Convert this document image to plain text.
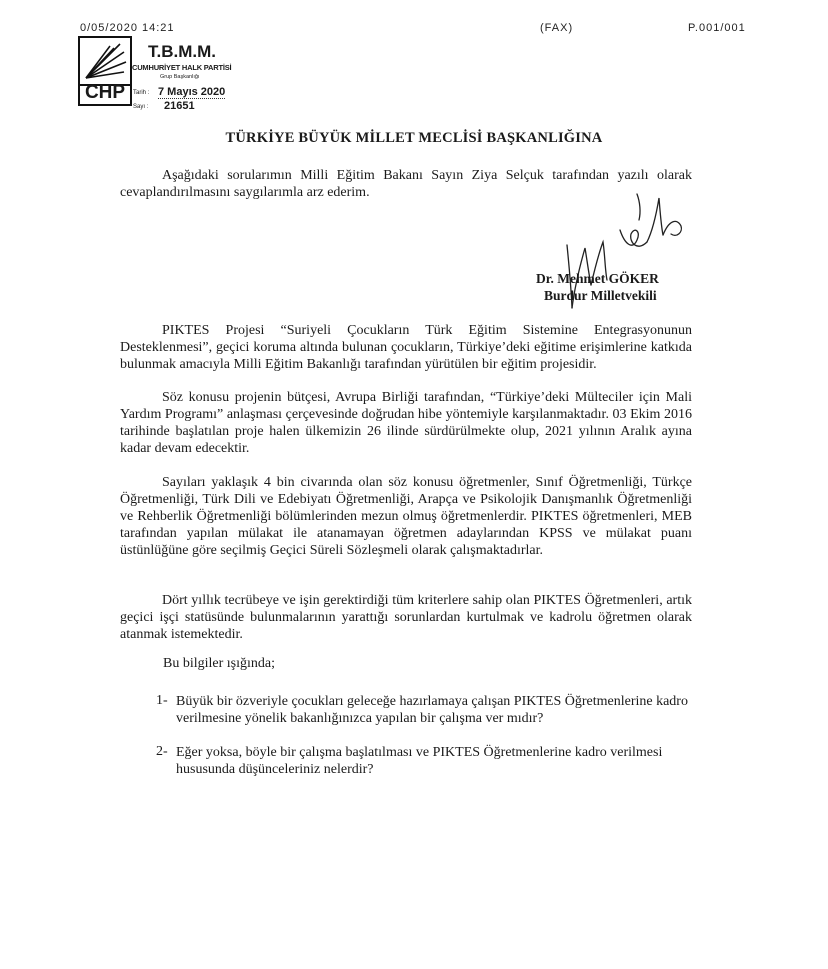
0/05/2020 14:21	(FAX)	P.001/001
CHP
T.B.M.M.
CUMHURİYET HALK PARTİSİ
Grup Başkanlığı
Tarih : 7 Mayıs 2020
Sayı : 21651
TÜRKİYE BÜYÜK MİLLET MECLİSİ BAŞKANLIĞINA
Aşağıdaki sorularımın Milli Eğitim Bakanı Sayın Ziya Selçuk tarafından yazılı olarak cevaplandırılmasını saygılarımla arz ederim.
Dr. Mehmet GÖKER
Burdur Milletvekili
PIKTES Projesi “Suriyeli Çocukların Türk Eğitim Sistemine Entegrasyonunun Desteklenmesi”, geçici koruma altında bulunan çocukların, Türkiye’deki eğitime erişimlerine katkıda bulunmak amacıyla Milli Eğitim Bakanlığı tarafından yürütülen bir eğitim projesidir.
Söz konusu projenin bütçesi, Avrupa Birliği tarafından, “Türkiye’deki Mülteciler için Mali Yardım Programı” anlaşması çerçevesinde doğrudan hibe yöntemiyle karşılanmaktadır. 03 Ekim 2016 tarihinde başlatılan proje halen ülkemizin 26 ilinde sürdürülmekte olup, 2021 yılının Aralık ayına kadar devam edecektir.
Sayıları yaklaşık 4 bin civarında olan söz konusu öğretmenler, Sınıf Öğretmenliği, Türkçe Öğretmenliği, Türk Dili ve Edebiyatı Öğretmenliği, Arapça ve Psikolojik Danışmanlık Öğretmenliği ve Rehberlik Öğretmenliği bölümlerinden mezun olmuş öğretmenlerdir. PIKTES öğretmenleri, MEB tarafından yapılan mülakat ile atanamayan öğretmen adaylarından KPSS ve mülakat puanı üstünlüğüne göre seçilmiş Geçici Süreli Sözleşmeli olarak çalışmaktadırlar.
Dört yıllık tecrübeye ve işin gerektirdiği tüm kriterlere sahip olan PIKTES Öğretmenleri, artık geçici işçi statüsünde bulunmalarının yarattığı sorunlardan kurtulmak ve kadrolu öğretmen olarak atanmak istemektedir.
Bu bilgiler ışığında;
1- Büyük bir özveriyle çocukları geleceğe hazırlamaya çalışan PIKTES Öğretmenlerine kadro verilmesine yönelik bakanlığınızca yapılan bir çalışma ver mıdır?
2- Eğer yoksa, böyle bir çalışma başlatılması ve PIKTES Öğretmenlerine kadro verilmesi hususunda düşünceleriniz nelerdir?
